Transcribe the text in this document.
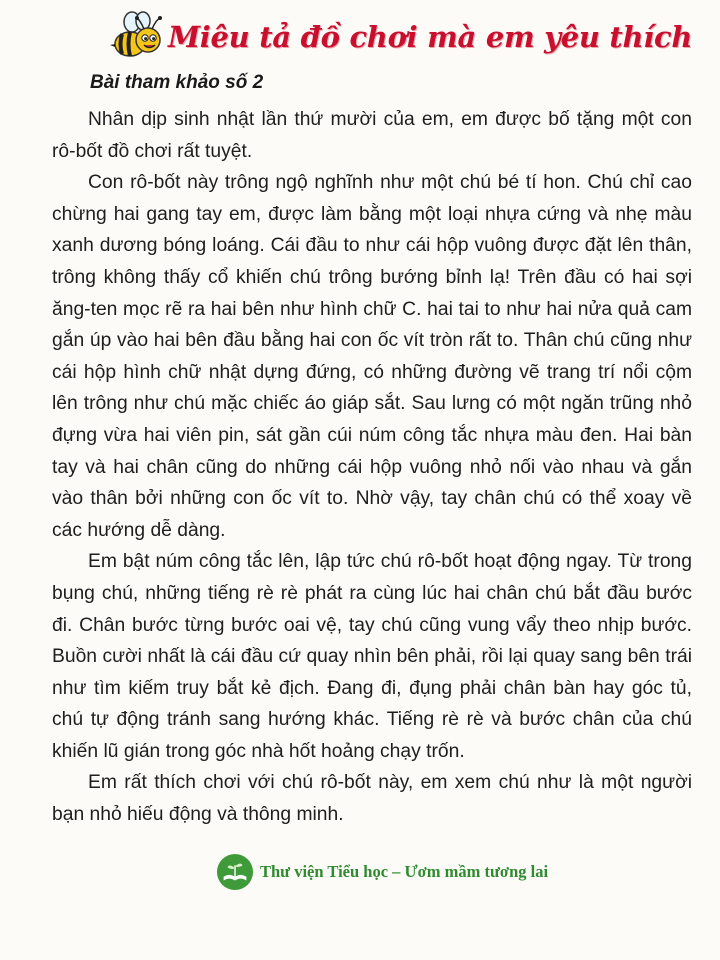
Miêu tả đồ chơi mà em yêu thích
Bài tham khảo số 2

Nhân dịp sinh nhật lần thứ mười của em, em được bố tặng một con rô-bốt đồ chơi rất tuyệt.

Con rô-bốt này trông ngộ nghĩnh như một chú bé tí hon. Chú chỉ cao chừng hai gang tay em, được làm bằng một loại nhựa cứng và nhẹ màu xanh dương bóng loáng. Cái đầu to như cái hộp vuông được đặt lên thân, trông không thấy cổ khiến chú trông bướng bỉnh lạ! Trên đầu có hai sợi ăng-ten mọc rẽ ra hai bên như hình chữ C. hai tai to như hai nửa quả cam gắn úp vào hai bên đầu bằng hai con ốc vít tròn rất to. Thân chú cũng như cái hộp hình chữ nhật dựng đứng, có những đường vẽ trang trí nổi cộm lên trông như chú mặc chiếc áo giáp sắt. Sau lưng có một ngăn trũng nhỏ đựng vừa hai viên pin, sát gần cúi núm công tắc nhựa màu đen. Hai bàn tay và hai chân cũng do những cái hộp vuông nhỏ nối vào nhau và gắn vào thân bởi những con ốc vít to. Nhờ vậy, tay chân chú có thể xoay về các hướng dễ dàng.

Em bật núm công tắc lên, lập tức chú rô-bốt hoạt động ngay. Từ trong bụng chú, những tiếng rè rè phát ra cùng lúc hai chân chú bắt đầu bước đi. Chân bước từng bước oai vệ, tay chú cũng vung vẩy theo nhịp bước. Buồn cười nhất là cái đầu cứ quay nhìn bên phải, rồi lại quay sang bên trái như tìm kiếm truy bắt kẻ địch. Đang đi, đụng phải chân bàn hay góc tủ, chú tự động tránh sang hướng khác. Tiếng rè rè và bước chân của chú khiến lũ gián trong góc nhà hốt hoảng chạy trốn.

Em rất thích chơi với chú rô-bốt này, em xem chú như là một người bạn nhỏ hiếu động và thông minh.

Thư viện Tiểu học – Ươm mầm tương lai
